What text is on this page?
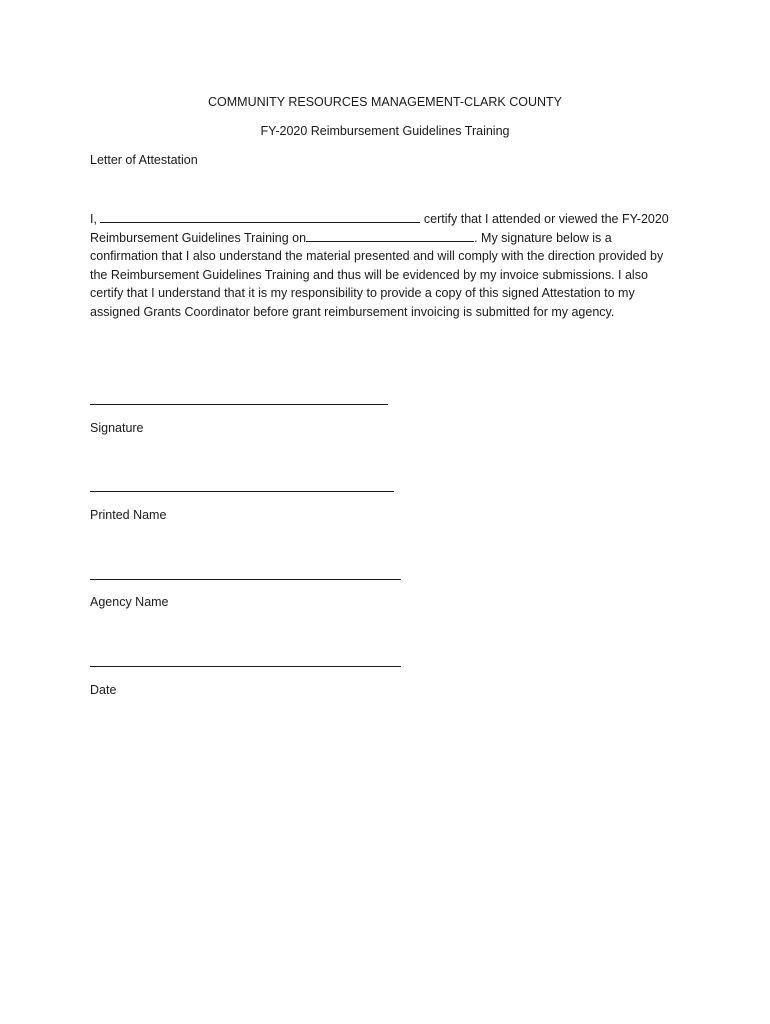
COMMUNITY RESOURCES MANAGEMENT-CLARK COUNTY
FY-2020 Reimbursement Guidelines Training
Letter of Attestation
I,	certify that I attended or viewed the FY-2020 Reimbursement Guidelines Training on	. My signature below is a confirmation that I also understand the material presented and will comply with the direction provided by the Reimbursement Guidelines Training and thus will be evidenced by my invoice submissions. I also certify that I understand that it is my responsibility to provide a copy of this signed Attestation to my assigned Grants Coordinator before grant reimbursement invoicing is submitted for my agency.
Signature
Printed Name
Agency Name
Date
